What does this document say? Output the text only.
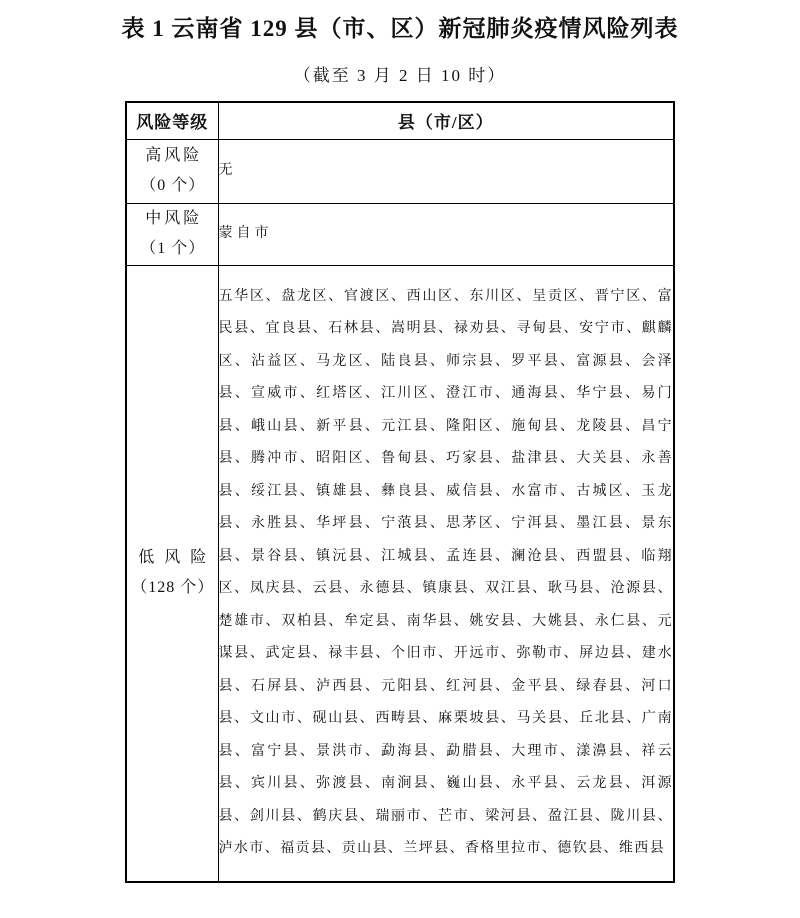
表 1 云南省 129 县（市、区）新冠肺炎疫情风险列表
（截至 3 月 2 日 10 时）
风险等级	县（市/区）

高风险
（0 个）	无

中风险
（1 个）	蒙自市

低风险
（128 个）	五华区、盘龙区、官渡区、西山区、东川区、呈贡区、晋宁区、富民县、宜良县、石林县、嵩明县、禄劝县、寻甸县、安宁市、麒麟区、沾益区、马龙区、陆良县、师宗县、罗平县、富源县、会泽县、宣威市、红塔区、江川区、澄江市、通海县、华宁县、易门县、峨山县、新平县、元江县、隆阳区、施甸县、龙陵县、昌宁县、腾冲市、昭阳区、鲁甸县、巧家县、盐津县、大关县、永善县、绥江县、镇雄县、彝良县、威信县、水富市、古城区、玉龙县、永胜县、华坪县、宁蒗县、思茅区、宁洱县、墨江县、景东县、景谷县、镇沅县、江城县、孟连县、澜沧县、西盟县、临翔区、凤庆县、云县、永德县、镇康县、双江县、耿马县、沧源县、楚雄市、双柏县、牟定县、南华县、姚安县、大姚县、永仁县、元谋县、武定县、禄丰县、个旧市、开远市、弥勒市、屏边县、建水县、石屏县、泸西县、元阳县、红河县、金平县、绿春县、河口县、文山市、砚山县、西畴县、麻栗坡县、马关县、丘北县、广南县、富宁县、景洪市、勐海县、勐腊县、大理市、漾濞县、祥云县、宾川县、弥渡县、南涧县、巍山县、永平县、云龙县、洱源县、剑川县、鹤庆县、瑞丽市、芒市、梁河县、盈江县、陇川县、泸水市、福贡县、贡山县、兰坪县、香格里拉市、德钦县、维西县
